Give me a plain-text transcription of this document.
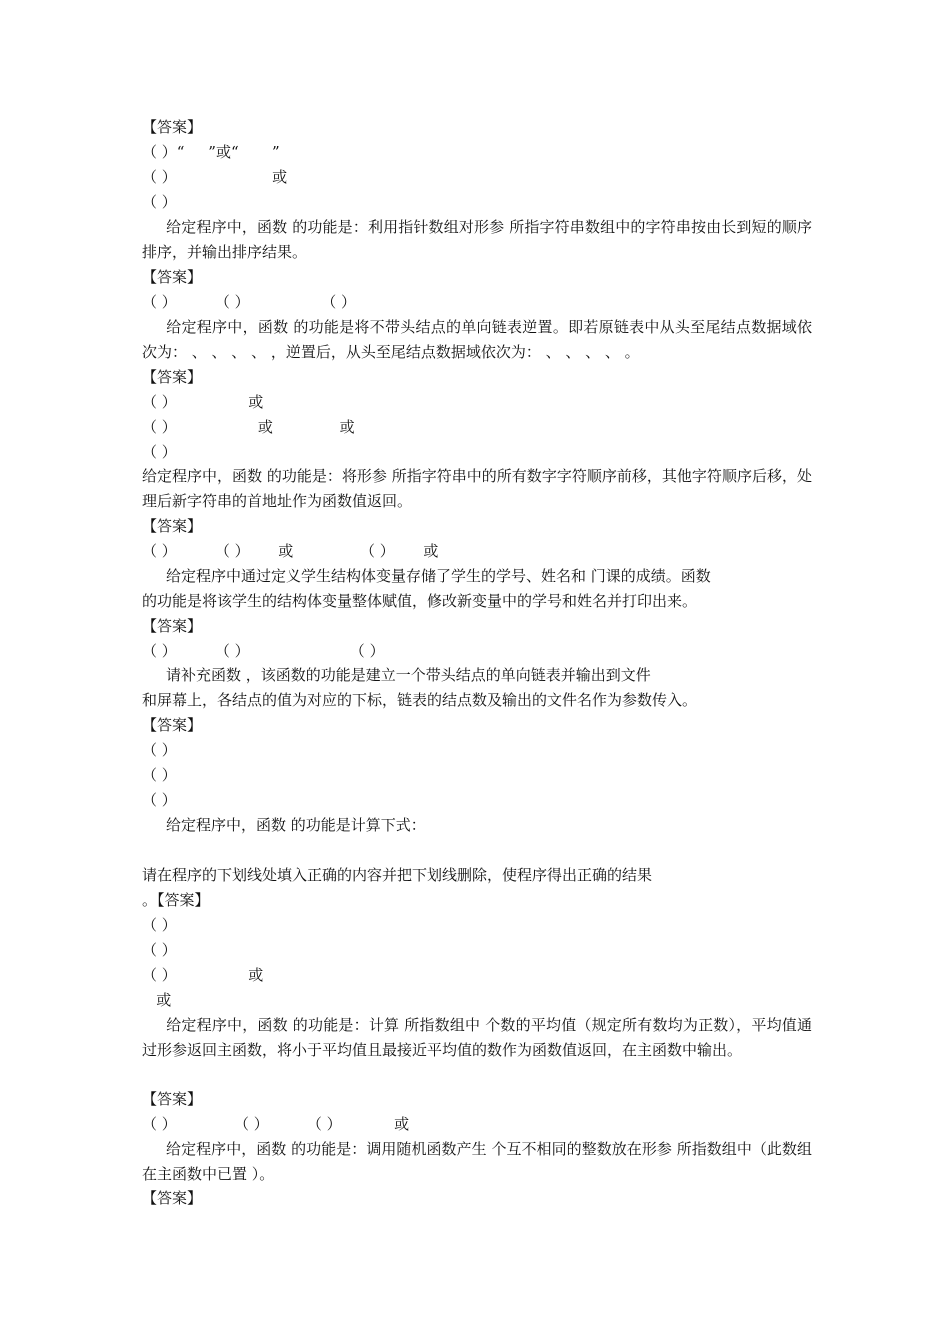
【答案】
（ ）“     ”或“       ”
（ ）                    或
（ ）
【答案】
（ ）        （ ）               （ ）
【答案】
（ ）               或
（ ）                 或              或
（ ）
【答案】
（ ）        （ ）      或              （ ）      或
【答案】
（ ）        （ ）                     （ ）
【答案】
（ ）
（ ）
（ ）
（ ）
（ ）
（ ）               或
或
【答案】
（ ）            （ ）        （ ）           或
【答案】
给定程序中，函数 的功能是：利用指针数组对形参 所指字符串数组中的字符串按由长到短的顺序排序，并输出排序结果。
给定程序中，函数 的功能是将不带头结点的单向链表逆置。即若原链表中从头至尾结点数据域依次为： 、 、 、 、 ，逆置后，从头至尾结点数据域依次为： 、 、 、 、 。
给定程序中，函数 的功能是：将形参 所指字符串中的所有数字字符顺序前移，其他字符顺序后移，处理后新字符串的首地址作为函数值返回。
给定程序中通过定义学生结构体变量存储了学生的学号、姓名和 门课的成绩。函数
的功能是将该学生的结构体变量整体赋值，修改新变量中的学号和姓名并打印出来。
请补充函数 ，该函数的功能是建立一个带头结点的单向链表并输出到文件
和屏幕上，各结点的值为对应的下标，链表的结点数及输出的文件名作为参数传入。
给定程序中，函数 的功能是计算下式：
请在程序的下划线处填入正确的内容并把下划线删除，使程序得出正确的结果
。【答案】
给定程序中，函数 的功能是：计算 所指数组中 个数的平均值（规定所有数均为正数），平均值通过形参返回主函数，将小于平均值且最接近平均值的数作为函数值返回，在主函数中输出。
给定程序中，函数 的功能是：调用随机函数产生 个互不相同的整数放在形参 所指数组中（此数组在主函数中已置 ）。
